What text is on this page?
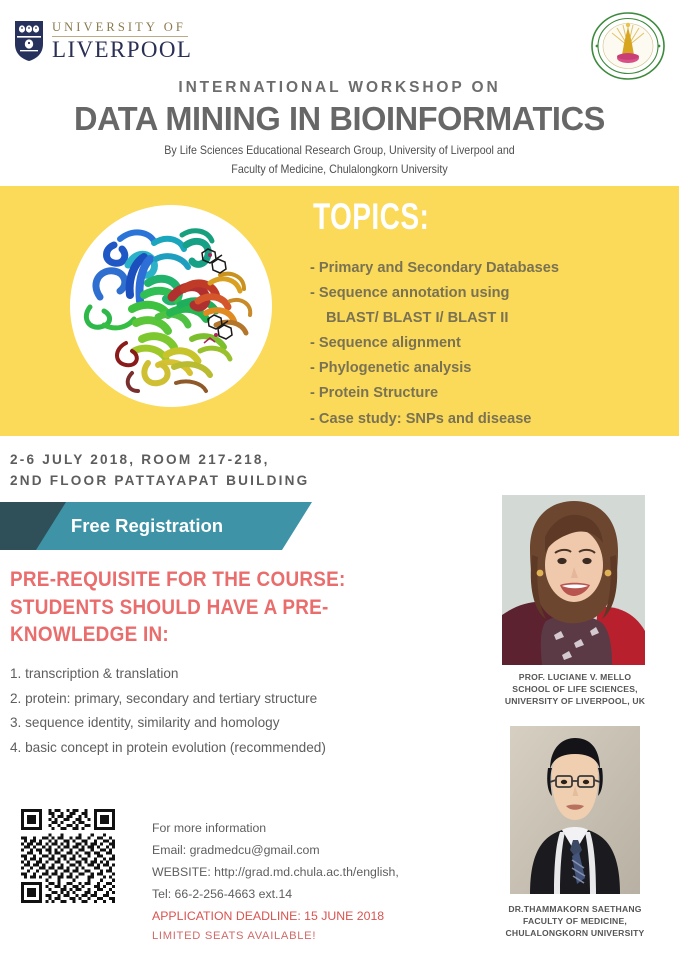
UNIVERSITY OF
LIVERPOOL
INTERNATIONAL WORKSHOP ON
DATA MINING IN BIOINFORMATICS
By Life Sciences Educational Research Group, University of Liverpool and
Faculty of Medicine, Chulalongkorn University
TOPICS:
- Primary and Secondary Databases
- Sequence annotation using
BLAST/ BLAST I/ BLAST II
- Sequence alignment
- Phylogenetic analysis
- Protein Structure
- Case study: SNPs and disease
2-6 JULY 2018, ROOM 217-218,
2ND FLOOR PATTAYAPAT BUILDING
Free Registration
PRE-REQUISITE FOR THE COURSE:
STUDENTS SHOULD HAVE A PRE-
KNOWLEDGE IN:
1. transcription & translation
2. protein: primary, secondary and tertiary structure
3. sequence identity, similarity and homology
4. basic concept in protein evolution (recommended)
For more information
Email: gradmedcu@gmail.com
WEBSITE: http://grad.md.chula.ac.th/english,
Tel: 66-2-256-4663 ext.14
APPLICATION DEADLINE: 15 JUNE 2018
LIMITED SEATS AVAILABLE!
PROF. LUCIANE V. MELLO
SCHOOL OF LIFE SCIENCES,
UNIVERSITY OF LIVERPOOL, UK
DR.THAMMAKORN SAETHANG
FACULTY OF MEDICINE,
CHULALONGKORN UNIVERSITY
